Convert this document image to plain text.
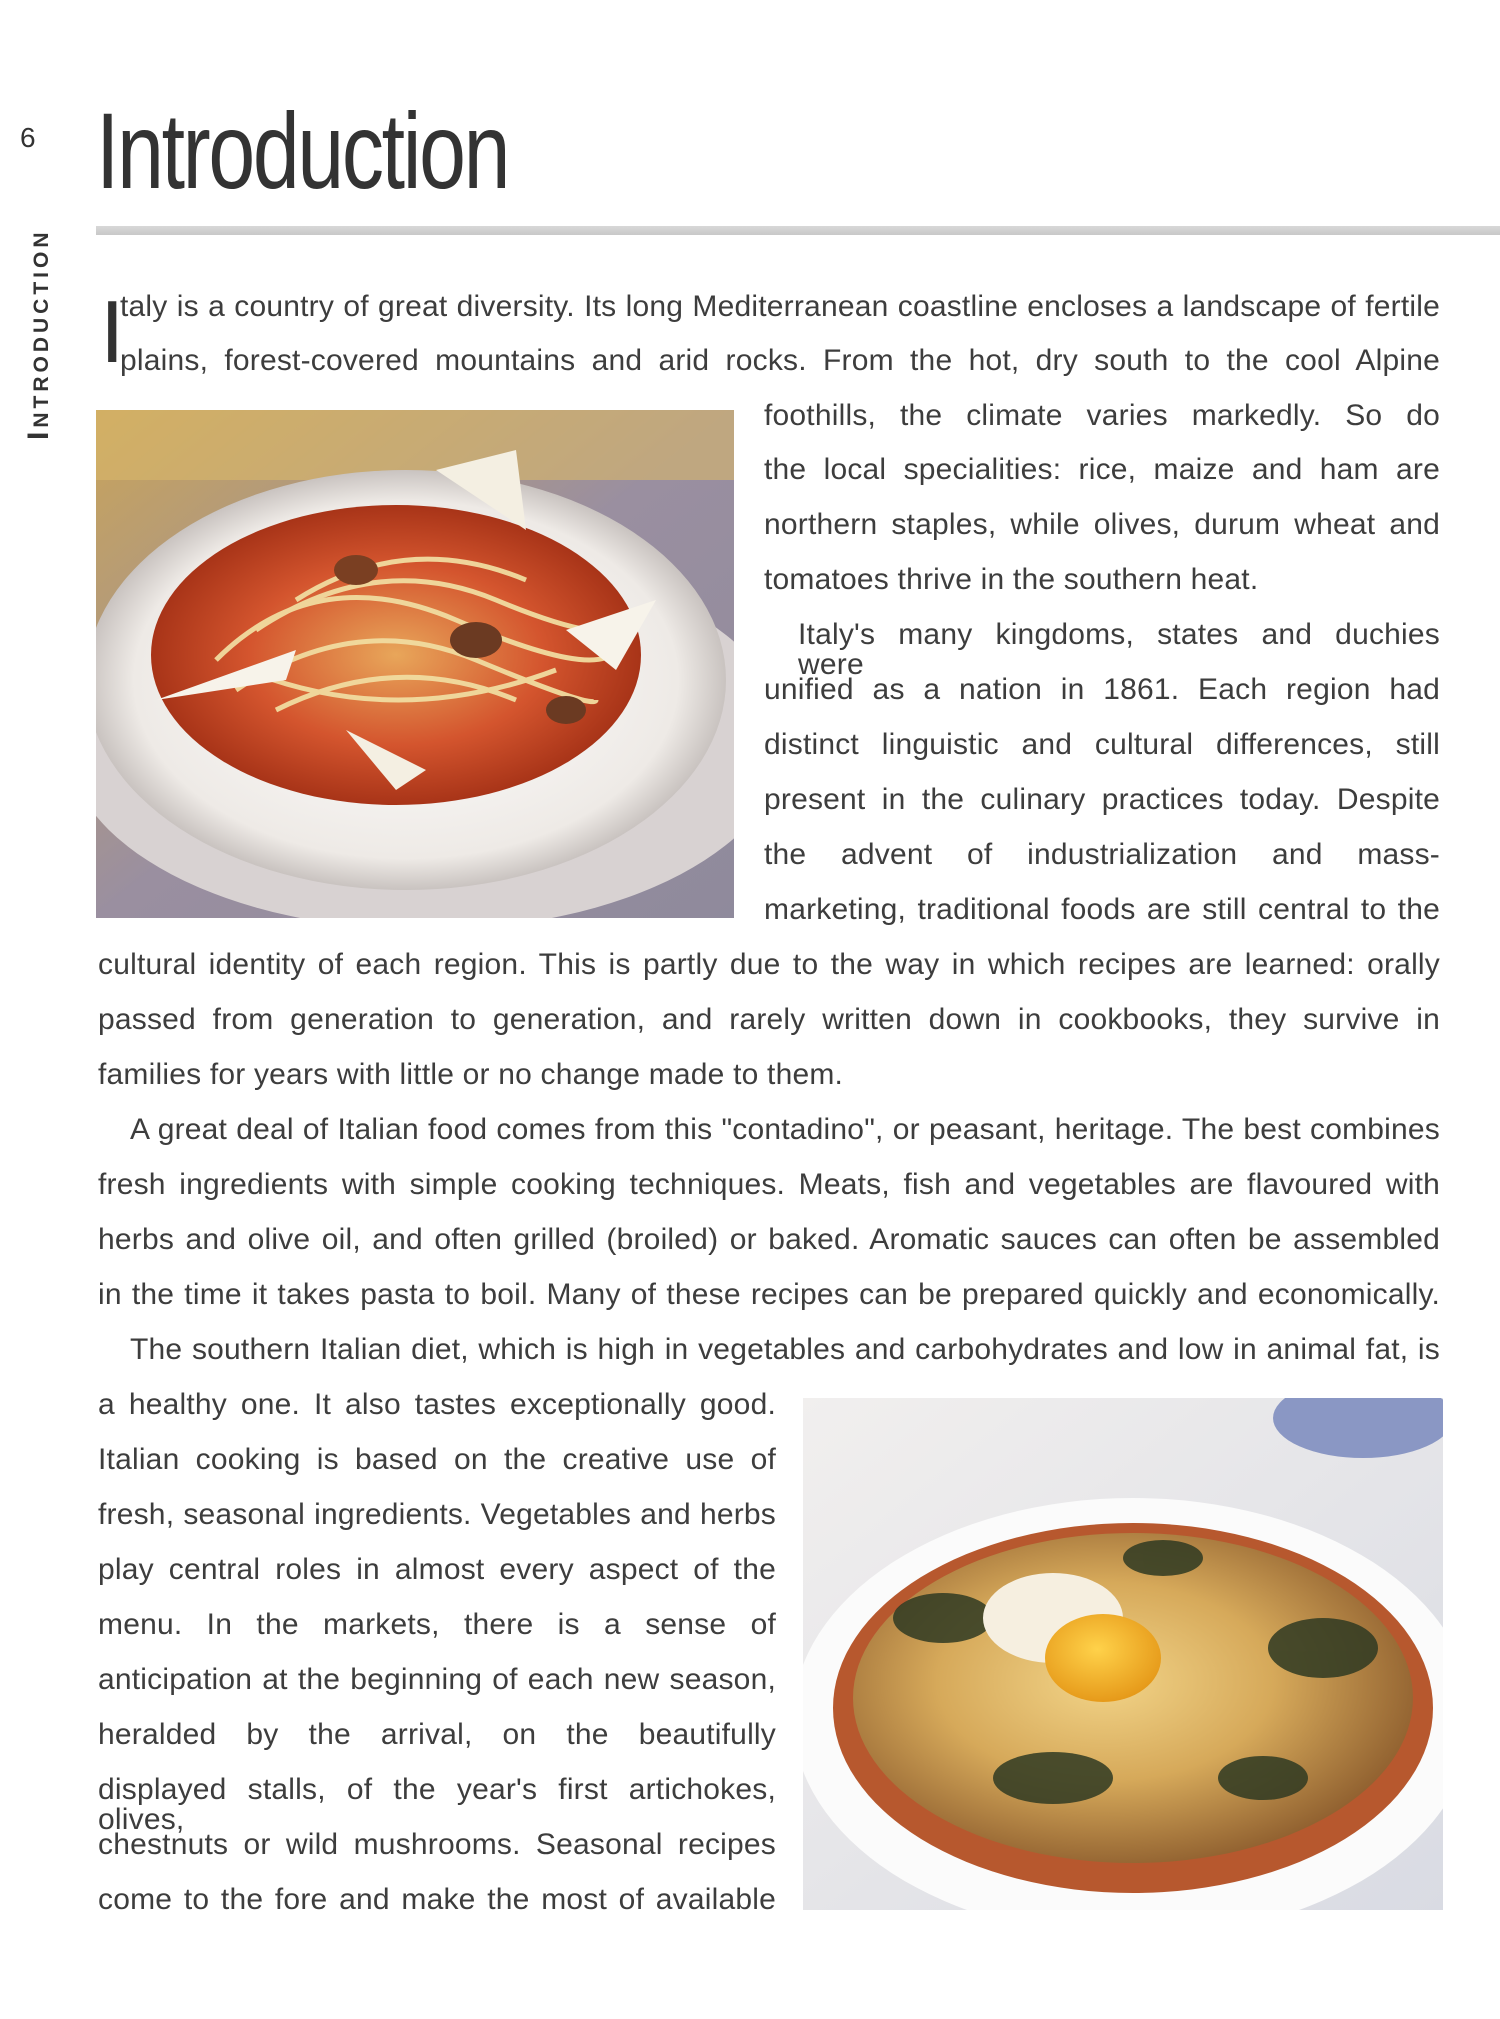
6
Introduction
Introduction
I
taly is a country of great diversity. Its long Mediterranean coastline encloses a landscape of fertile
plains, forest-covered mountains and arid rocks. From the hot, dry south to the cool Alpine
foothills, the climate varies markedly. So do
the local specialities: rice, maize and ham are
northern staples, while olives, durum wheat and
tomatoes thrive in the southern heat.
Italy's many kingdoms, states and duchies were
unified as a nation in 1861. Each region had
distinct linguistic and cultural differences, still
present in the culinary practices today. Despite
the advent of industrialization and mass-
marketing, traditional foods are still central to the
cultural identity of each region. This is partly due to the way in which recipes are learned: orally
passed from generation to generation, and rarely written down in cookbooks, they survive in
families for years with little or no change made to them.
A great deal of Italian food comes from this "contadino", or peasant, heritage. The best combines
fresh ingredients with simple cooking techniques. Meats, fish and vegetables are flavoured with
herbs and olive oil, and often grilled (broiled) or baked. Aromatic sauces can often be assembled
in the time it takes pasta to boil. Many of these recipes can be prepared quickly and economically.
The southern Italian diet, which is high in vegetables and carbohydrates and low in animal fat, is
a healthy one. It also tastes exceptionally good.
Italian cooking is based on the creative use of
fresh, seasonal ingredients. Vegetables and herbs
play central roles in almost every aspect of the
menu. In the markets, there is a sense of
anticipation at the beginning of each new season,
heralded by the arrival, on the beautifully
displayed stalls, of the year's first artichokes, olives,
chestnuts or wild mushrooms. Seasonal recipes
come to the fore and make the most of available
